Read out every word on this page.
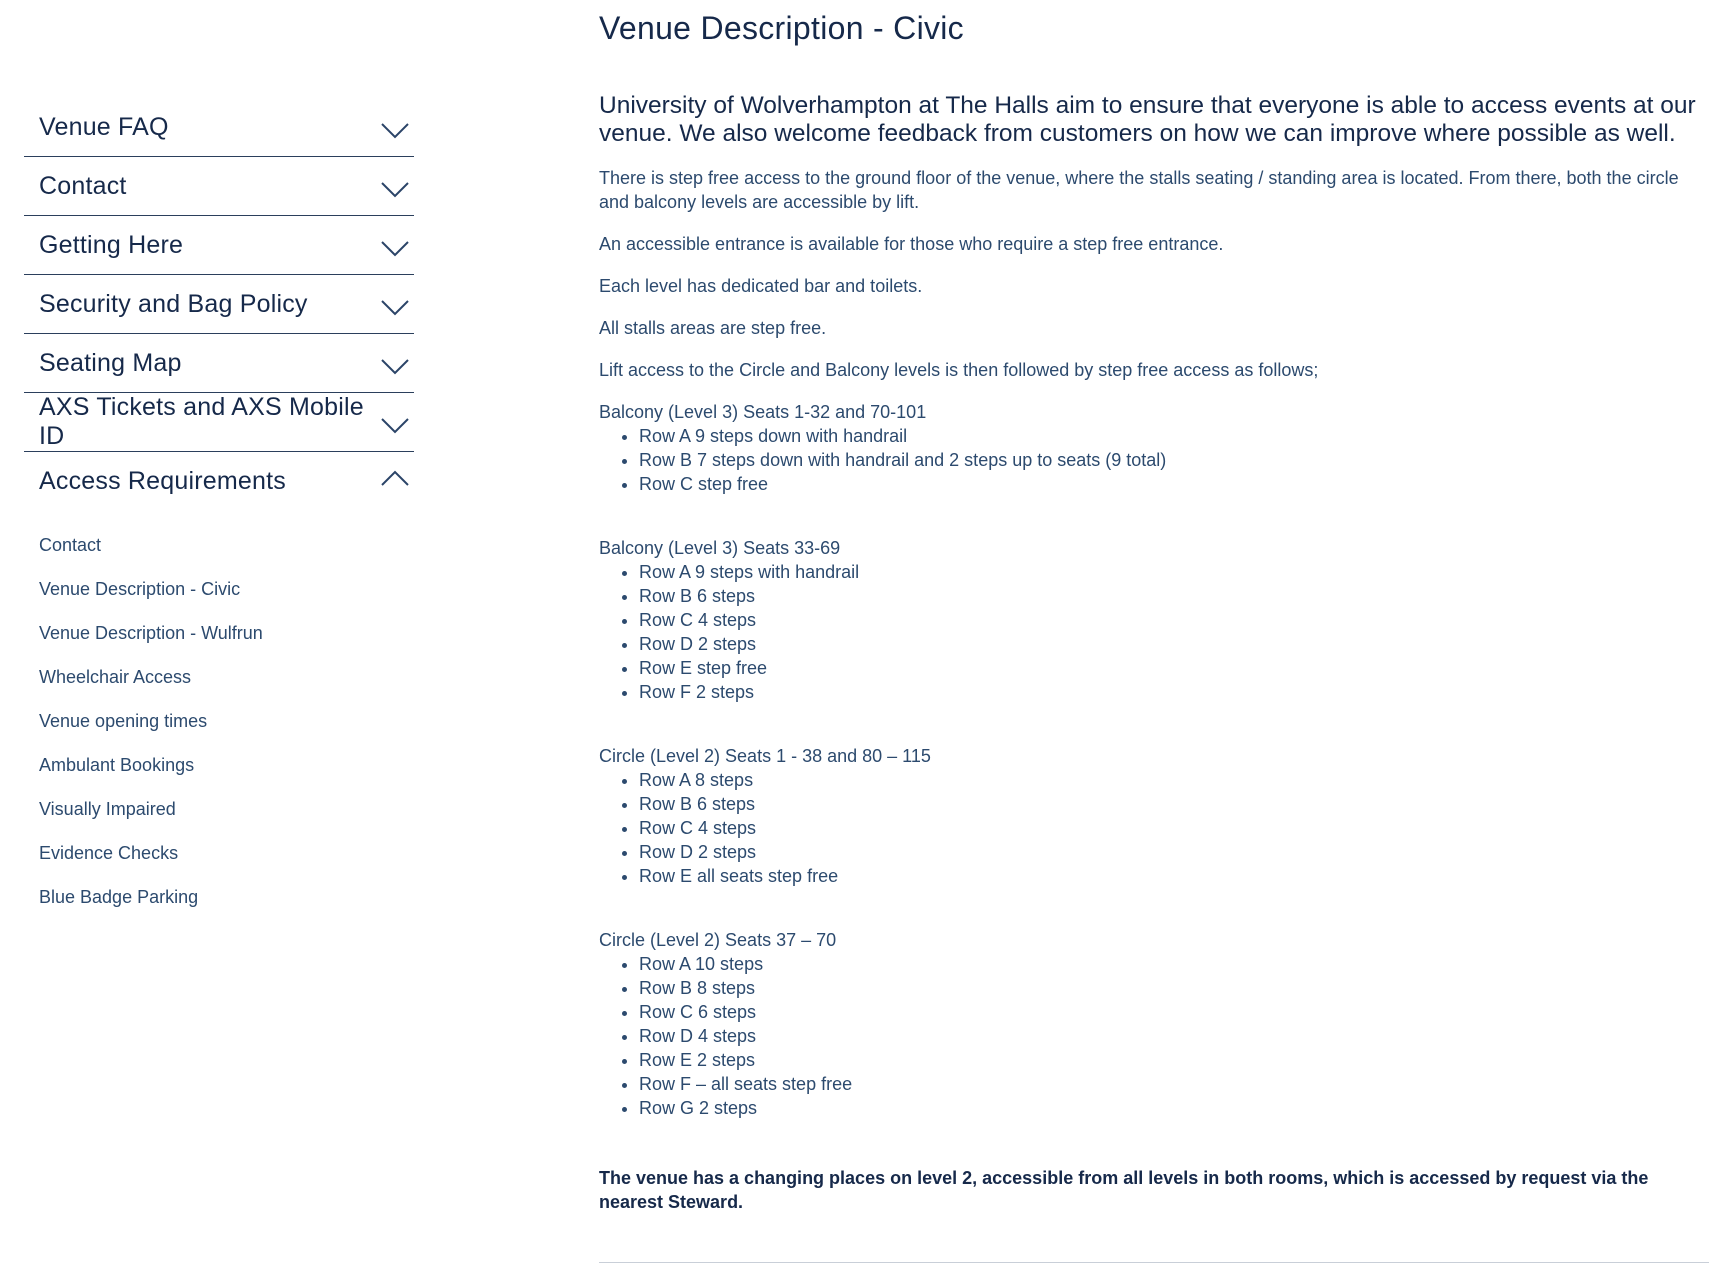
Venue FAQ
Contact
Getting Here
Security and Bag Policy
Seating Map
AXS Tickets and AXS Mobile ID
Access Requirements
Contact
Venue Description - Civic
Venue Description - Wulfrun
Wheelchair Access
Venue opening times
Ambulant Bookings
Visually Impaired
Evidence Checks
Blue Badge Parking
Venue Description - Civic

University of Wolverhampton at The Halls aim to ensure that everyone is able to access events at our venue. We also welcome feedback from customers on how we can improve where possible as well.

There is step free access to the ground floor of the venue, where the stalls seating / standing area is located. From there, both the circle and balcony levels are accessible by lift.

An accessible entrance is available for those who require a step free entrance.

Each level has dedicated bar and toilets.

All stalls areas are step free.

Lift access to the Circle and Balcony levels is then followed by step free access as follows;

Balcony (Level 3) Seats 1-32 and 70-101

• Row A 9 steps down with handrail
• Row B 7 steps down with handrail and 2 steps up to seats (9 total)
• Row C step free

Balcony (Level 3) Seats 33-69

• Row A 9 steps with handrail
• Row B 6 steps
• Row C 4 steps
• Row D 2 steps
• Row E step free
• Row F 2 steps

Circle (Level 2) Seats 1 - 38 and 80 – 115

• Row A 8 steps
• Row B 6 steps
• Row C 4 steps
• Row D 2 steps
• Row E all seats step free

Circle (Level 2) Seats 37 – 70

• Row A 10 steps
• Row B 8 steps
• Row C 6 steps
• Row D 4 steps
• Row E 2 steps
• Row F – all seats step free
• Row G 2 steps

The venue has a changing places on level 2, accessible from all levels in both rooms, which is accessed by request via the nearest Steward.
